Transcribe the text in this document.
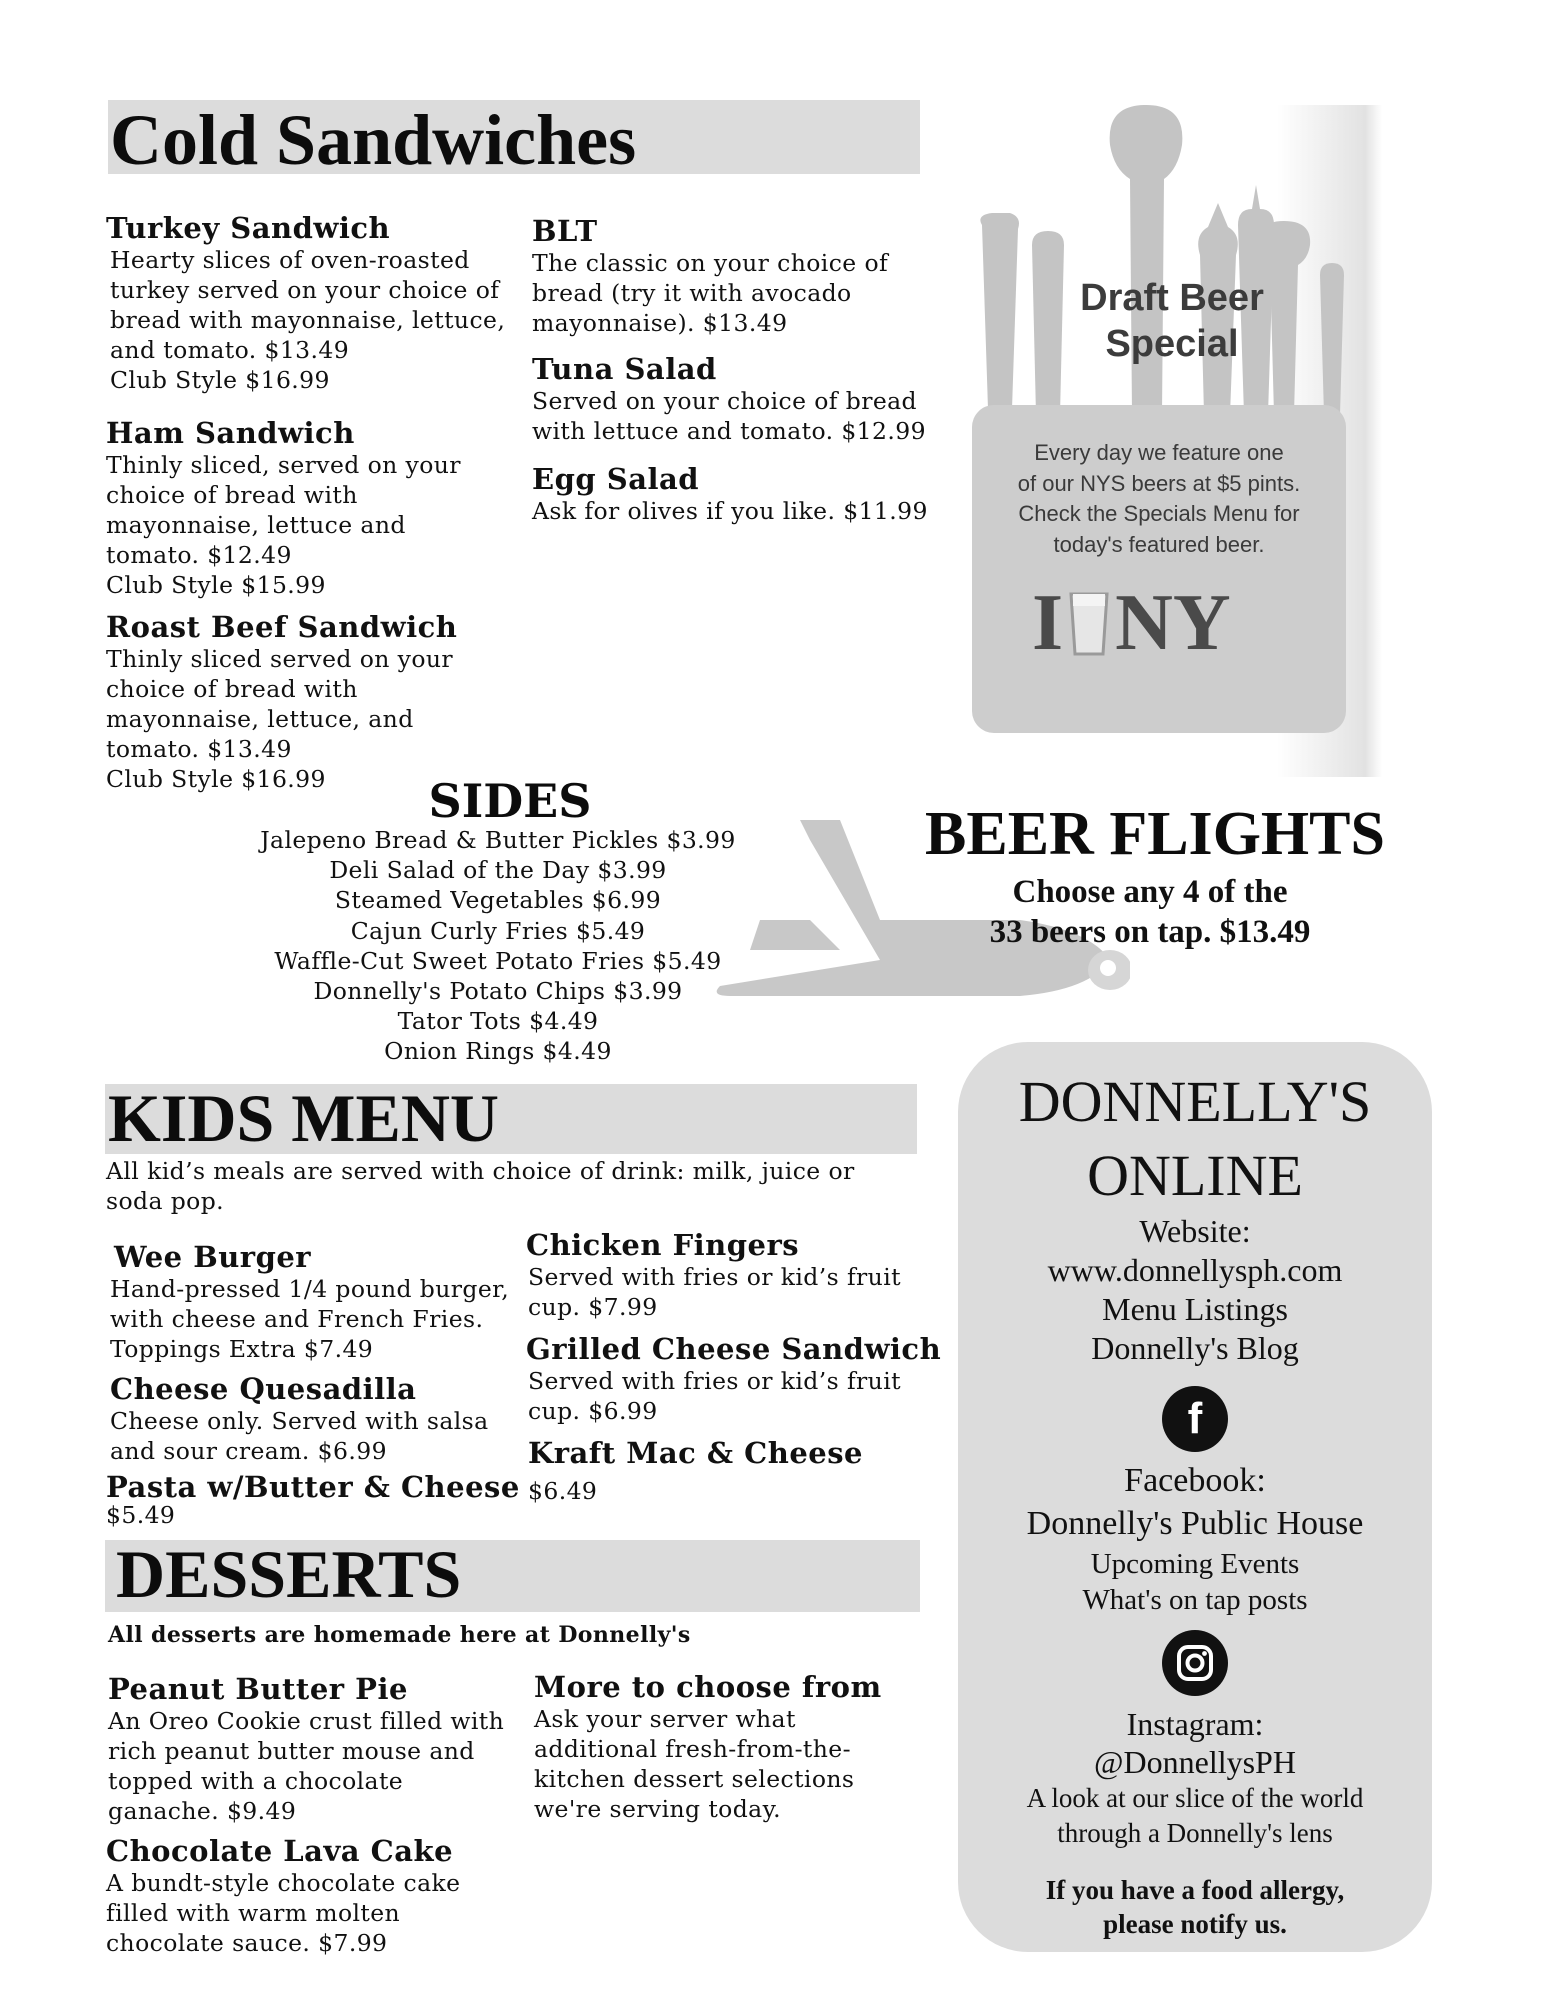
Cold Sandwiches
Turkey Sandwich
Hearty slices of oven-roasted
turkey served on your choice of
bread with mayonnaise, lettuce,
and tomato. $13.49
Club Style $16.99
Ham Sandwich
Thinly sliced, served on your
choice of bread with
mayonnaise, lettuce and
tomato. $12.49
Club Style $15.99
Roast Beef Sandwich
Thinly sliced served on your
choice of bread with
mayonnaise, lettuce, and
tomato. $13.49
Club Style $16.99
BLT
The classic on your choice of
bread (try it with avocado
mayonnaise). $13.49
Tuna Salad
Served on your choice of bread
with lettuce and tomato. $12.99
Egg Salad
Ask for olives if you like. $11.99
Draft Beer
Special
Every day we feature one
of our NYS beers at $5 pints.
Check the Specials Menu for
today's featured beer.
I NY
SIDES
Jalepeno Bread & Butter Pickles $3.99
Deli Salad of the Day $3.99
Steamed Vegetables $6.99
Cajun Curly Fries $5.49
Waffle-Cut Sweet Potato Fries $5.49
Donnelly's Potato Chips $3.99
Tator Tots $4.49
Onion Rings $4.49
BEER FLIGHTS
Choose any 4 of the
33 beers on tap. $13.49
KIDS MENU
All kid’s meals are served with choice of drink: milk, juice or
soda pop.
Wee Burger
Hand-pressed 1/4 pound burger,
with cheese and French Fries.
Toppings Extra $7.49
Cheese Quesadilla
Cheese only. Served with salsa
and sour cream. $6.99
Pasta w/Butter & Cheese
$5.49
Chicken Fingers
Served with fries or kid’s fruit
cup. $7.99
Grilled Cheese Sandwich
Served with fries or kid’s fruit
cup. $6.99
Kraft Mac & Cheese
$6.49
DESSERTS
All desserts are homemade here at Donnelly's
Peanut Butter Pie
An Oreo Cookie crust filled with
rich peanut butter mouse and
topped with a chocolate
ganache. $9.49
Chocolate Lava Cake
A bundt-style chocolate cake
filled with warm molten
chocolate sauce. $7.99
More to choose from
Ask your server what
additional fresh-from-the-
kitchen dessert selections
we're serving today.
DONNELLY'S
ONLINE
Website:
www.donnellysph.com
Menu Listings
Donnelly's Blog
f
Facebook:
Donnelly's Public House
Upcoming Events
What's on tap posts
Instagram:
@DonnellysPH
A look at our slice of the world
through a Donnelly's lens
If you have a food allergy,
please notify us.
